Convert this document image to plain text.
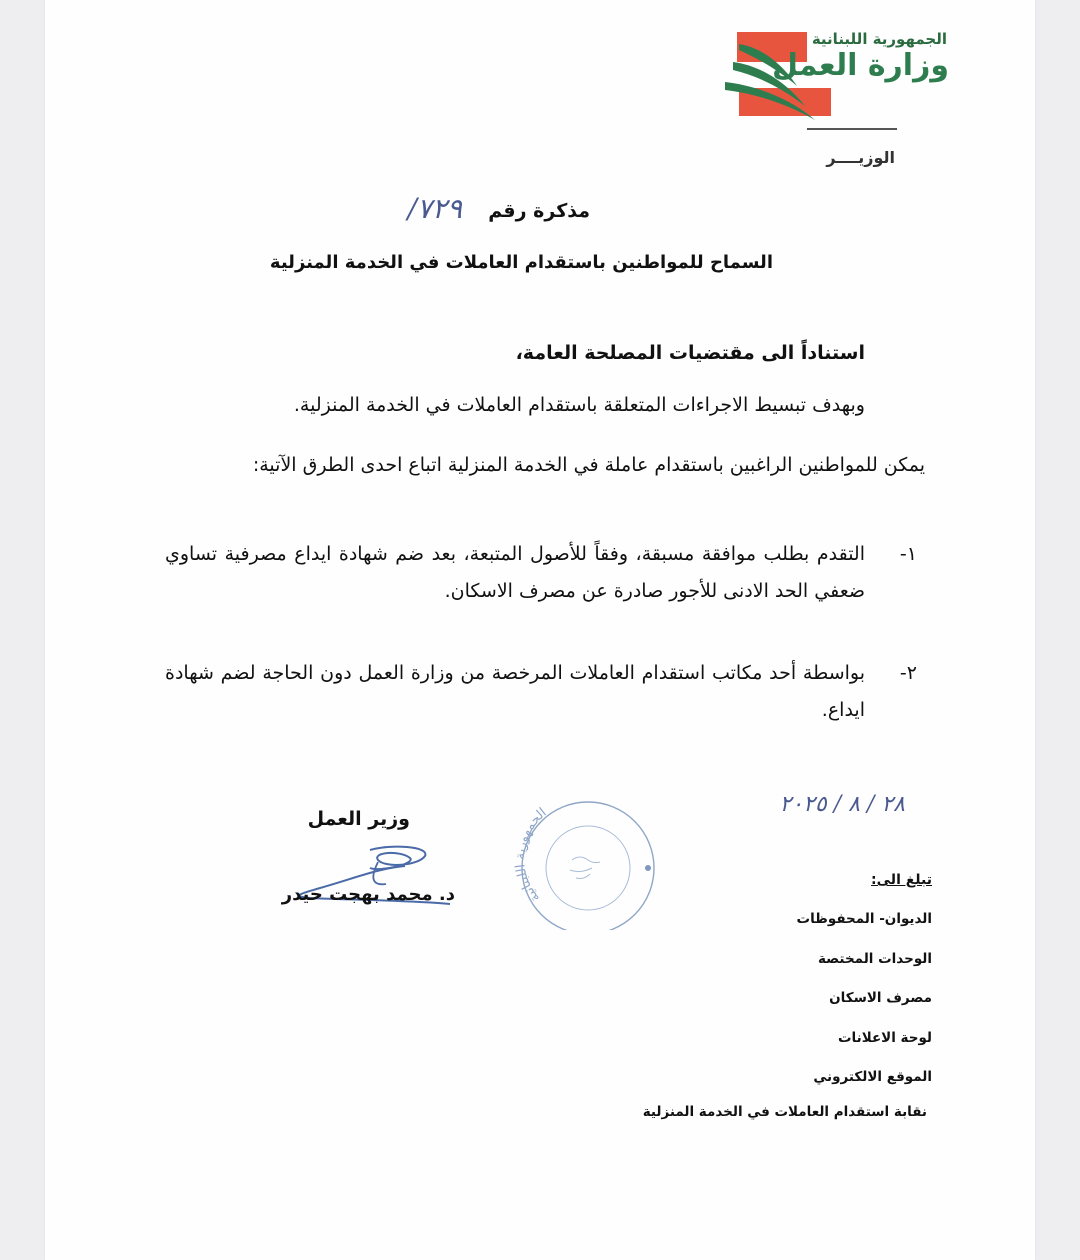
الجمهورية اللبنانية
وزارة العمل
الوزيــــر
مذكرة رقم
٧٢٩/
السماح للمواطنين باستقدام العاملات في الخدمة المنزلية
استناداً الى مقتضيات المصلحة العامة،
وبهدف تبسيط الاجراءات المتعلقة باستقدام العاملات في الخدمة المنزلية.
يمكن للمواطنين الراغبين باستقدام عاملة في الخدمة المنزلية اتباع احدى الطرق الآتية:
١-
التقدم بطلب موافقة مسبقة، وفقاً للأصول المتبعة، بعد ضم شهادة ايداع مصرفية تساوي ضعفي الحد الادنى للأجور صادرة عن مصرف الاسكان.
٢-
بواسطة أحد مكاتب استقدام العاملات المرخصة من وزارة العمل دون الحاجة لضم شهادة ايداع.
٢٨ / ٨ / ٢٠٢٥
الجمهورية اللبنانية
وزير العمل
د. محمد بهجت حيدر
تبلغ الى:
الديوان- المحفوظات
الوحدات المختصة
مصرف الاسكان
لوحة الاعلانات
الموقع الالكتروني
نقابة استقدام العاملات في الخدمة المنزلية
